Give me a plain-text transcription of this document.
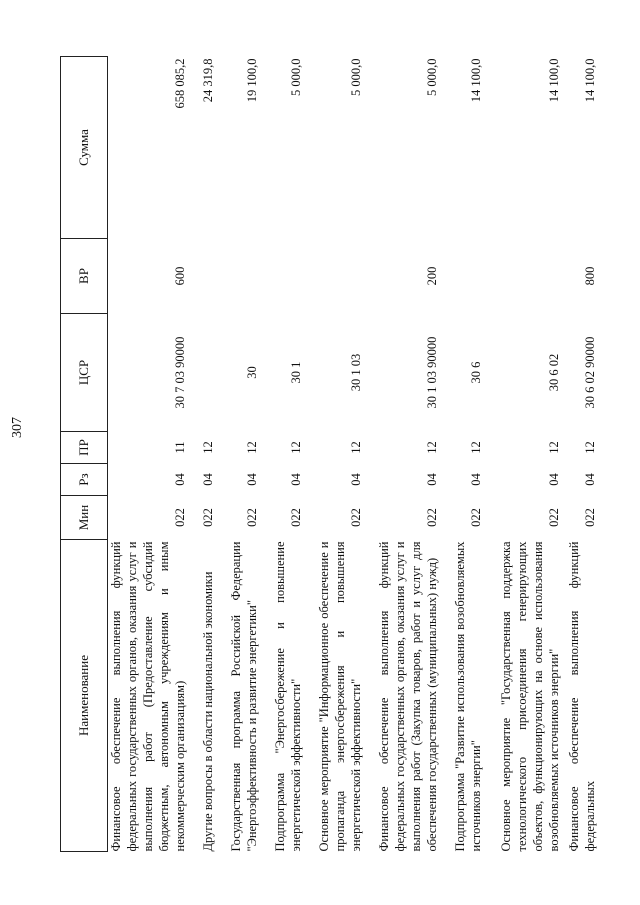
307
Наименование	Мин	Рз	ПР	ЦСР	ВР	Сумма
Финансовое обеспечение выполнения функций федеральных государственных органов, оказания услуг и выполнения работ (Предоставление субсидий бюджетным, автономным учреждениям и иным некоммерческим организациям)	022	04	11	30 7 03 90000	600	658 085,2
Другие вопросы в области национальной экономики	022	04	12			24 319,8
Государственная программа Российской Федерации "Энергоэффективность и развитие энергетики"	022	04	12	30		19 100,0
Подпрограмма "Энергосбережение и повышение энергетической эффективности"	022	04	12	30 1		5 000,0
Основное мероприятие "Информационное обеспечение и пропаганда энергосбережения и повышения энергетической эффективности"	022	04	12	30 1 03		5 000,0
Финансовое обеспечение выполнения функций федеральных государственных органов, оказания услуг и выполнения работ (Закупка товаров, работ и услуг для обеспечения государственных (муниципальных) нужд)	022	04	12	30 1 03 90000	200	5 000,0
Подпрограмма "Развитие использования возобновляемых источников энергии"	022	04	12	30 6		14 100,0
Основное мероприятие "Государственная поддержка технологического присоединения генерирующих объектов, функционирующих на основе использования возобновляемых источников энергии"	022	04	12	30 6 02		14 100,0
Финансовое обеспечение выполнения функций федеральных	022	04	12	30 6 02 90000	800	14 100,0
